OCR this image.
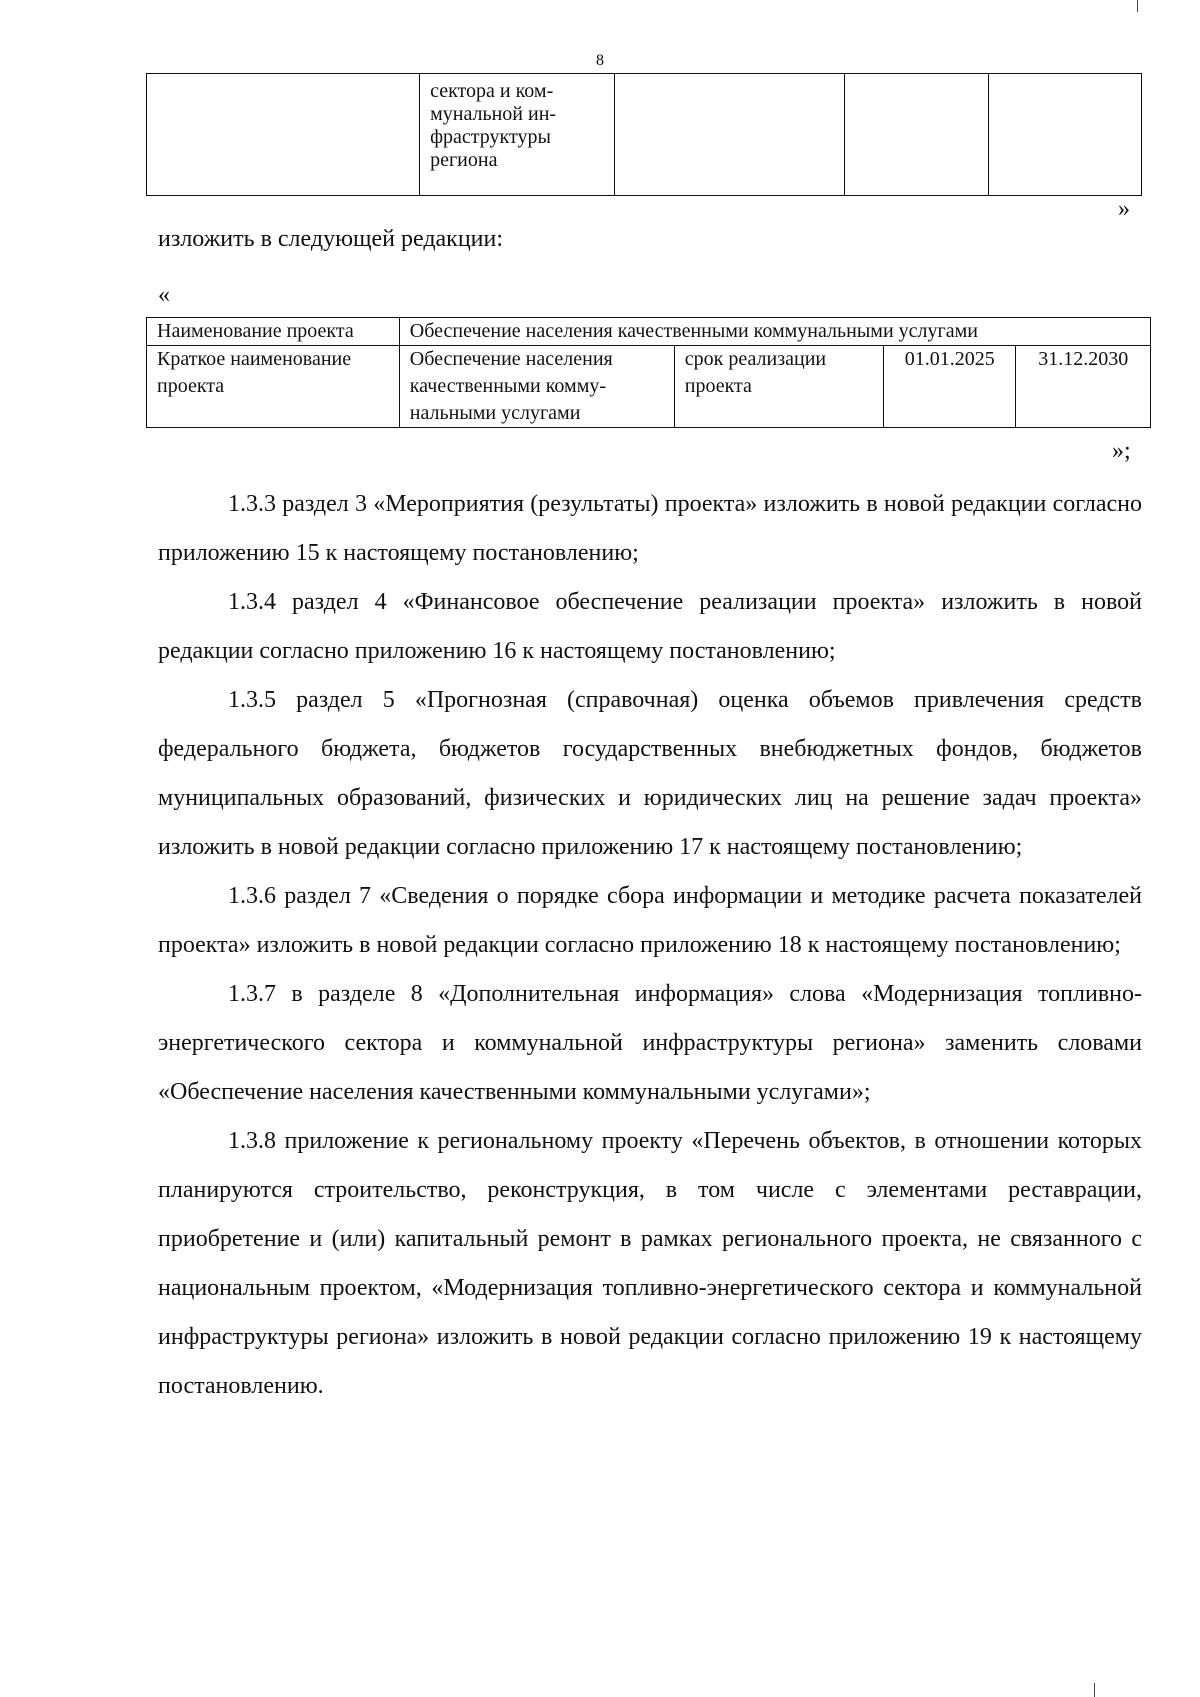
8
	сектора и ком-
мунальной ин-
фраструктуры
региона			
»
изложить в следующей редакции:
«
Наименование проекта	Обеспечение населения качественными коммунальными услугами			
Краткое наименование проекта	Обеспечение населения качественными комму-нальными услугами	срок реализации проекта	01.01.2025	31.12.2030
»;

1.3.3 раздел 3 «Мероприятия (результаты) проекта» изложить в новой редакции согласно приложению 15 к настоящему постановлению;

1.3.4 раздел 4 «Финансовое обеспечение реализации проекта» изложить в новой редакции согласно приложению 16 к настоящему постановлению;

1.3.5 раздел 5 «Прогнозная (справочная) оценка объемов привлечения средств федерального бюджета, бюджетов государственных внебюджетных фондов, бюджетов муниципальных образований, физических и юридических лиц на решение задач проекта» изложить в новой редакции согласно приложению 17 к настоящему постановлению;

1.3.6 раздел 7 «Сведения о порядке сбора информации и методике расчета показателей проекта» изложить в новой редакции согласно приложению 18 к настоящему постановлению;

1.3.7 в разделе 8 «Дополнительная информация» слова «Модернизация топливно-энергетического сектора и коммунальной инфраструктуры региона» заменить словами «Обеспечение населения качественными коммунальными услугами»;

1.3.8 приложение к региональному проекту «Перечень объектов, в отношении которых планируются строительство, реконструкция, в том числе с элементами реставрации, приобретение и (или) капитальный ремонт в рамках регионального проекта, не связанного с национальным проектом, «Модернизация топливно-энергетического сектора и коммунальной инфраструктуры региона» изложить в новой редакции согласно приложению 19 к настоящему постановлению.
